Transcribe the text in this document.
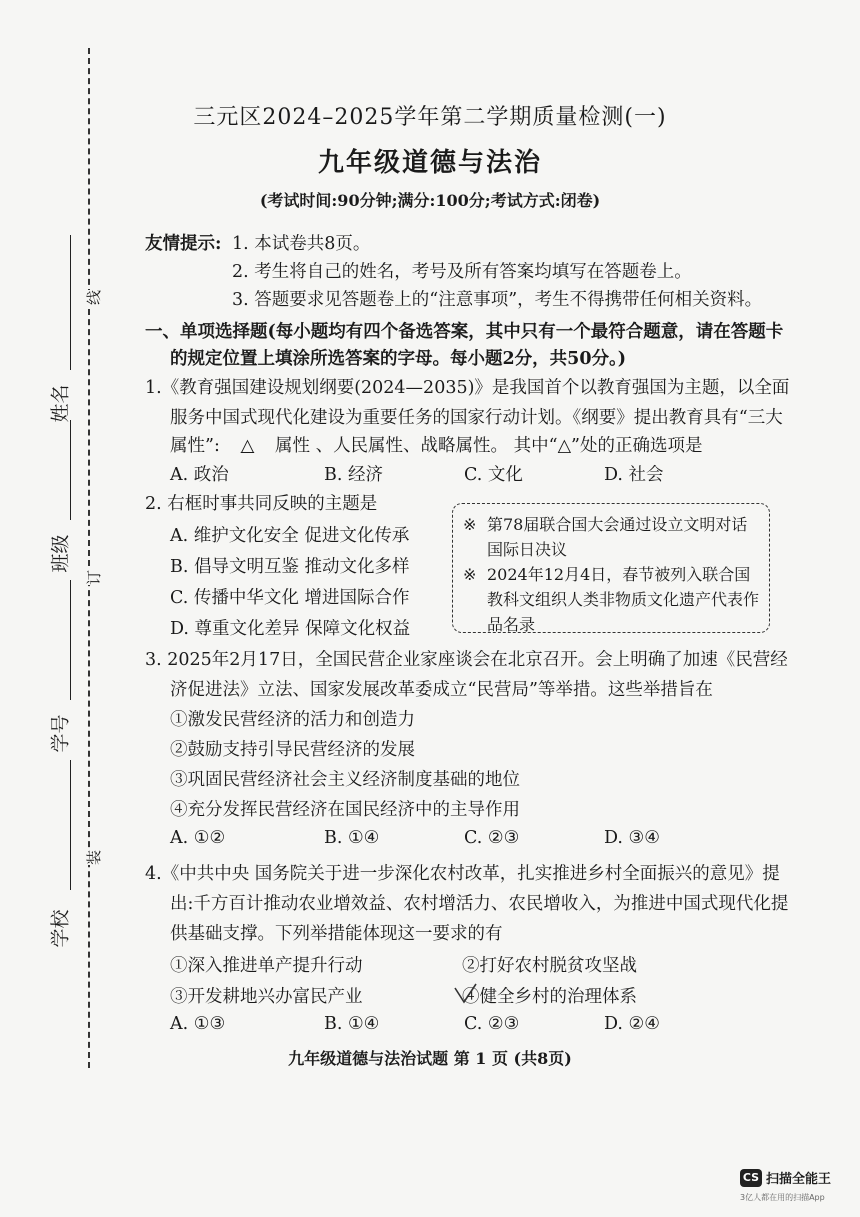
线
订
装
姓名
班级
学号
学校
三元区2024–2025学年第二学期质量检测(一)
九年级道德与法治
(考试时间:90分钟;满分:100分;考试方式:闭卷)
友情提示: 1. 本试卷共8页。
2. 考生将自己的姓名，考号及所有答案均填写在答题卷上。
3. 答题要求见答题卷上的“注意事项”，考生不得携带任何相关资料。
一、单项选择题(每小题均有四个备选答案，其中只有一个最符合题意，请在答题卡
的规定位置上填涂所选答案的字母。每小题2分，共50分。)
1.《教育强国建设规划纲要(2024—2035)》是我国首个以教育强国为主题，以全面
服务中国式现代化建设为重要任务的国家行动计划。《纲要》提出教育具有“三大
属性”: △ 属性 、人民属性、战略属性。 其中“△”处的正确选项是
A. 政治	B. 经济	C. 文化	D. 社会
2. 右框时事共同反映的主题是
A. 维护文化安全 促进文化传承
B. 倡导文明互鉴 推动文化多样
C. 传播中华文化 增进国际合作
D. 尊重文化差异 保障文化权益
※ 第78届联合国大会通过设立文明对话国际日决议
※ 2024年12月4日，春节被列入联合国教科文组织人类非物质文化遗产代表作品名录
3. 2025年2月17日，全国民营企业家座谈会在北京召开。会上明确了加速《民营经
济促进法》立法、国家发展改革委成立“民营局”等举措。这些举措旨在
①激发民营经济的活力和创造力
②鼓励支持引导民营经济的发展
③巩固民营经济社会主义经济制度基础的地位
④充分发挥民营经济在国民经济中的主导作用
A. ①②	B. ①④	C. ②③	D. ③④
4.《中共中央 国务院关于进一步深化农村改革，扎实推进乡村全面振兴的意见》提
出:千方百计推动农业增效益、农村增活力、农民增收入，为推进中国式现代化提
供基础支撑。下列举措能体现这一要求的有
①深入推进单产提升行动	②打好农村脱贫攻坚战
③开发耕地兴办富民产业	④健全乡村的治理体系
A. ①③	B. ①④	C. ②③	D. ②④
九年级道德与法治试题 第 1 页 (共8页)
CS 扫描全能王
3亿人都在用的扫描App
